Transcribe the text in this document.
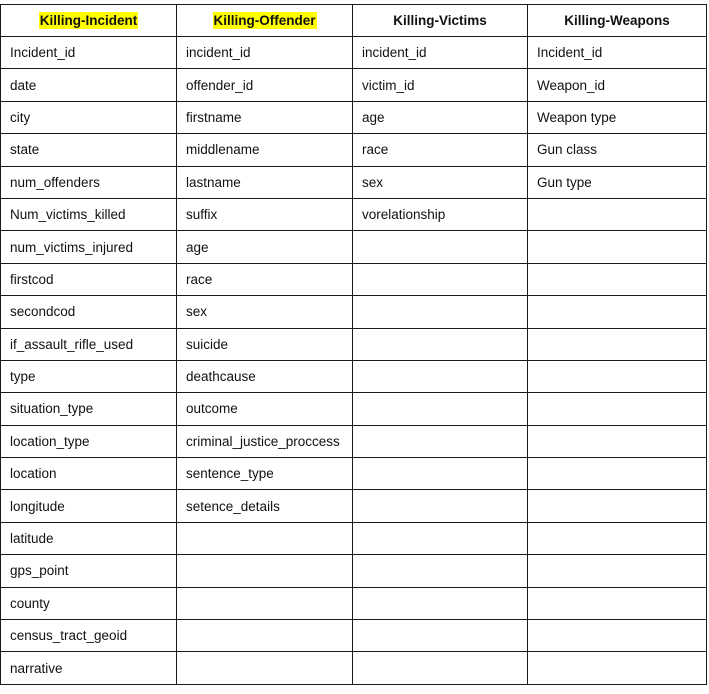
Killing-Incident	Killing-Offender	Killing-Victims	Killing-Weapons
Incident_id	incident_id	incident_id	Incident_id
date	offender_id	victim_id	Weapon_id
city	firstname	age	Weapon type
state	middlename	race	Gun class
num_offenders	lastname	sex	Gun type
Num_victims_killed	suffix	vorelationship	
num_victims_injured	age		
firstcod	race		
secondcod	sex		
if_assault_rifle_used	suicide		
type	deathcause		
situation_type	outcome		
location_type	criminal_justice_proccess		
location	sentence_type		
longitude	setence_details		
latitude			
gps_point			
county			
census_tract_geoid			
narrative			
